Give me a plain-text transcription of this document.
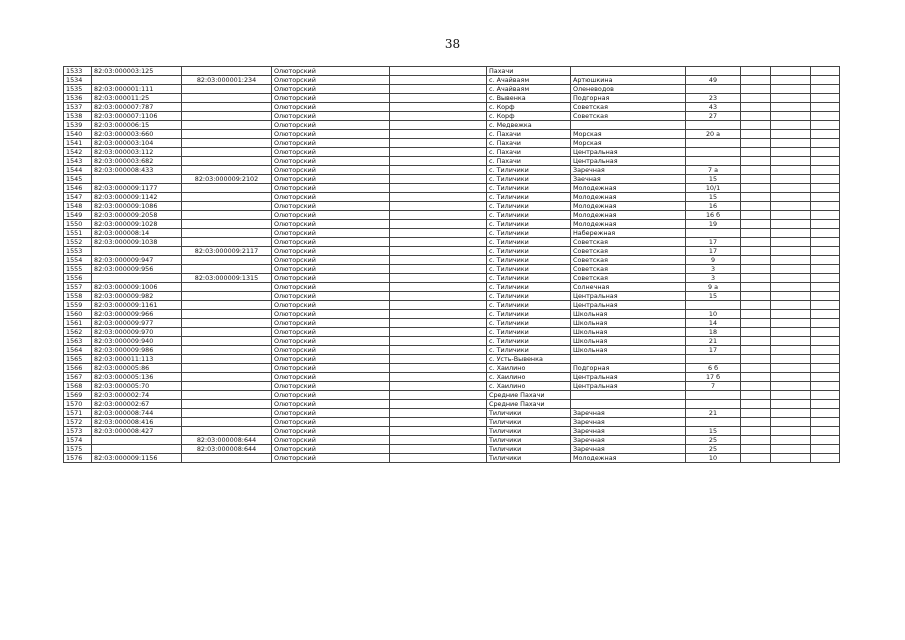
38
1533	82:03:000003:125		Олюторский		Пахачи					
1534		82:03:000001:234	Олюторский		с. Ачайваям	Артюшкина	49			
1535	82:03:000001:111		Олюторский		с. Ачайваям	Оленеводов				
1536	82:03:000011:25		Олюторский		с. Вывенка	Подгорная	23			
1537	82:03:000007:787		Олюторский		с. Корф	Советская	43			
1538	82:03:000007:1106		Олюторский		с. Корф	Советская	27			
1539	82:03:000006:15		Олюторский		с. Медвежка					
1540	82:03:000003:660		Олюторский		с. Пахачи	Морская	20 а			
1541	82:03:000003:104		Олюторский		с. Пахачи	Морская				
1542	82:03:000003:112		Олюторский		с. Пахачи	Центральная				
1543	82:03:000003:682		Олюторский		с. Пахачи	Центральная				
1544	82:03:000008:433		Олюторский		с. Тиличики	Заречная	7 а			
1545		82:03:000009:2102	Олюторский		с. Тиличики	Заечная	15			
1546	82:03:000009:1177		Олюторский		с. Тиличики	Молодежная	10/1			
1547	82:03:000009:1142		Олюторский		с. Тиличики	Молодежная	15			
1548	82:03:000009:1086		Олюторский		с. Тиличики	Молодежная	16			
1549	82:03:000009:2058		Олюторский		с. Тиличики	Молодежная	16 б			
1550	82:03:000009:1028		Олюторский		с. Тиличики	Молодежная	19			
1551	82:03:000008:14		Олюторский		с. Тиличики	Набережная				
1552	82:03:000009:1038		Олюторский		с. Тиличики	Советская	17			
1553		82:03:000009:2117	Олюторский		с. Тиличики	Советская	17			
1554	82:03:000009:947		Олюторский		с. Тиличики	Советская	9			
1555	82:03:000009:956		Олюторский		с. Тиличики	Советская	3			
1556		82:03:000009:1315	Олюторский		с. Тиличики	Советская	3			
1557	82:03:000009:1006		Олюторский		с. Тиличики	Солнечная	9 а			
1558	82:03:000009:982		Олюторский		с. Тиличики	Центральная	15			
1559	82:03:000009:1161		Олюторский		с. Тиличики	Центральная				
1560	82:03:000009:966		Олюторский		с. Тиличики	Школьная	10			
1561	82:03:000009:977		Олюторский		с. Тиличики	Школьная	14			
1562	82:03:000009:970		Олюторский		с. Тиличики	Школьная	18			
1563	82:03:000009:940		Олюторский		с. Тиличики	Школьная	21			
1564	82:03:000009:986		Олюторский		с. Тиличики	Школьная	17			
1565	82:03:000011:113		Олюторский		с. Усть-Вывенка					
1566	82:03:000005:86		Олюторский		с. Хаилино	Подгорная	6 б			
1567	82:03:000005:136		Олюторский		с. Хаилино	Центральная	17 б			
1568	82:03:000005:70		Олюторский		с. Хаилино	Центральная	7			
1569	82:03:000002:74		Олюторский		Средние Пахачи					
1570	82:03:000002:67		Олюторский		Средние Пахачи					
1571	82:03:000008:744		Олюторский		Тиличики	Заречная	21			
1572	82:03:000008:416		Олюторский		Тиличики	Заречная				
1573	82:03:000008:427		Олюторский		Тиличики	Заречная	15			
1574		82:03:000008:644	Олюторский		Тиличики	Заречная	25			
1575		82:03:000008:644	Олюторский		Тиличики	Заречная	25			
1576	82:03:000009:1156		Олюторский		Тиличики	Молодежная	10			
